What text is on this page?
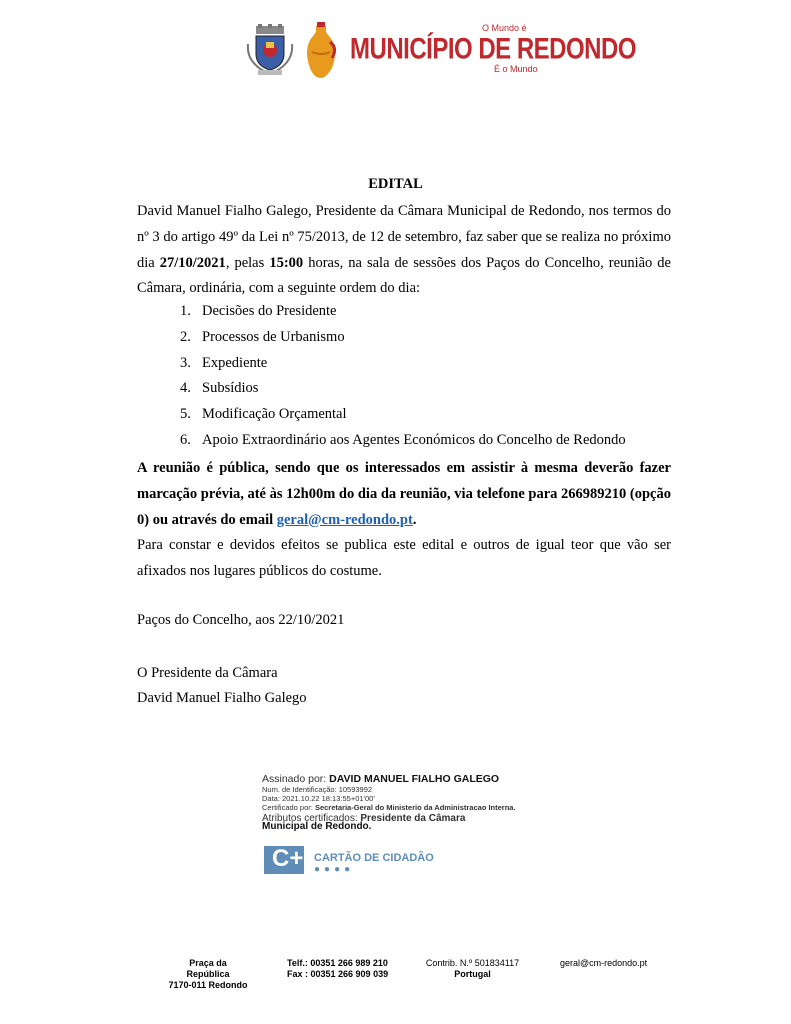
O Mundo é
MUNICÍPIO DE REDONDO
É o Mundo
EDITAL

David Manuel Fialho Galego, Presidente da Câmara Municipal de Redondo, nos termos do nº 3 do artigo 49º da Lei nº 75/2013, de 12 de setembro, faz saber que se realiza no próximo dia 27/10/2021, pelas 15:00 horas, na sala de sessões dos Paços do Concelho, reunião de Câmara, ordinária, com a seguinte ordem do dia:

1. Decisões do Presidente
2. Processos de Urbanismo
3. Expediente
4. Subsídios
5. Modificação Orçamental
6. Apoio Extraordinário aos Agentes Económicos do Concelho de Redondo

A reunião é pública, sendo que os interessados em assistir à mesma deverão fazer marcação prévia, até às 12h00m do dia da reunião, via telefone para 266989210 (opção 0) ou através do email geral@cm-redondo.pt.

Para constar e devidos efeitos se publica este edital e outros de igual teor que vão ser afixados nos lugares públicos do costume.

Paços do Concelho, aos 22/10/2021
O Presidente da Câmara
David Manuel Fialho Galego
Assinado por: DAVID MANUEL FIALHO GALEGO
Num. de Identificação: 10593992
Data: 2021.10.22 18:13:55+01'00'
Certificado por: Secretaria-Geral do Ministerio da Administracao Interna.
Atributos certificados: Presidente da Câmara
Municipal de Redondo.
C+ CARTÃO DE CIDADÃO
●●●●
Praça da República
7170-011 Redondo
Telf.: 00351 266 989 210
Fax : 00351 266 909 039
Contrib. N.º 501834117
Portugal
geral@cm-redondo.pt
